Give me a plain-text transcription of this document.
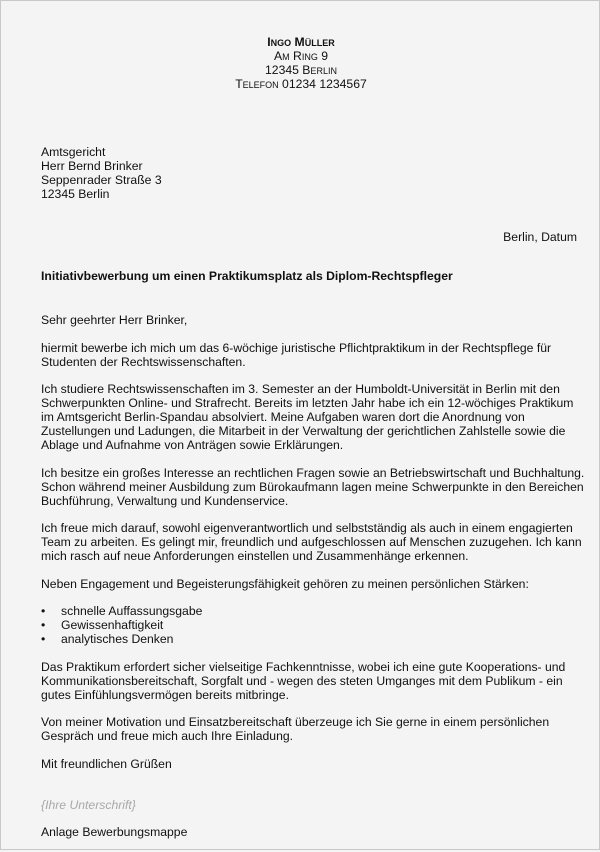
Ingo Müller
Am Ring 9
12345 Berlin
Telefon 01234 1234567
Amtsgericht
Herr Bernd Brinker
Seppenrader Straße 3
12345 Berlin
Berlin, Datum
Initiativbewerbung um einen Praktikumsplatz als Diplom-Rechtspfleger

Sehr geehrter Herr Brinker,

hiermit bewerbe ich mich um das 6-wöchige juristische Pflichtpraktikum in der Rechtspflege für Studenten der Rechtswissenschaften.

Ich studiere Rechtswissenschaften im 3. Semester an der Humboldt-Universität in Berlin mit den Schwerpunkten Online- und Strafrecht. Bereits im letzten Jahr habe ich ein 12-wöchiges Praktikum im Amtsgericht Berlin-Spandau absolviert. Meine Aufgaben waren dort die Anordnung von Zustellungen und Ladungen, die Mitarbeit in der Verwaltung der gerichtlichen Zahlstelle sowie die Ablage und Aufnahme von Anträgen sowie Erklärungen.

Ich besitze ein großes Interesse an rechtlichen Fragen sowie an Betriebswirtschaft und Buchhaltung. Schon während meiner Ausbildung zum Bürokaufmann lagen meine Schwerpunkte in den Bereichen Buchführung, Verwaltung und Kundenservice.

Ich freue mich darauf, sowohl eigenverantwortlich und selbstständig als auch in einem engagierten Team zu arbeiten. Es gelingt mir, freundlich und aufgeschlossen auf Menschen zuzugehen. Ich kann mich rasch auf neue Anforderungen einstellen und Zusammenhänge erkennen.

Neben Engagement und Begeisterungsfähigkeit gehören zu meinen persönlichen Stärken:

• schnelle Auffassungsgabe
• Gewissenhaftigkeit
• analytisches Denken

Das Praktikum erfordert sicher vielseitige Fachkenntnisse, wobei ich eine gute Kooperations- und Kommunikationsbereitschaft, Sorgfalt und - wegen des steten Umganges mit dem Publikum - ein gutes Einfühlungsvermögen bereits mitbringe.

Von meiner Motivation und Einsatzbereitschaft überzeuge ich Sie gerne in einem persönlichen Gespräch und freue mich auch Ihre Einladung.

Mit freundlichen Grüßen

{Ihre Unterschrift}

Anlage Bewerbungsmappe
